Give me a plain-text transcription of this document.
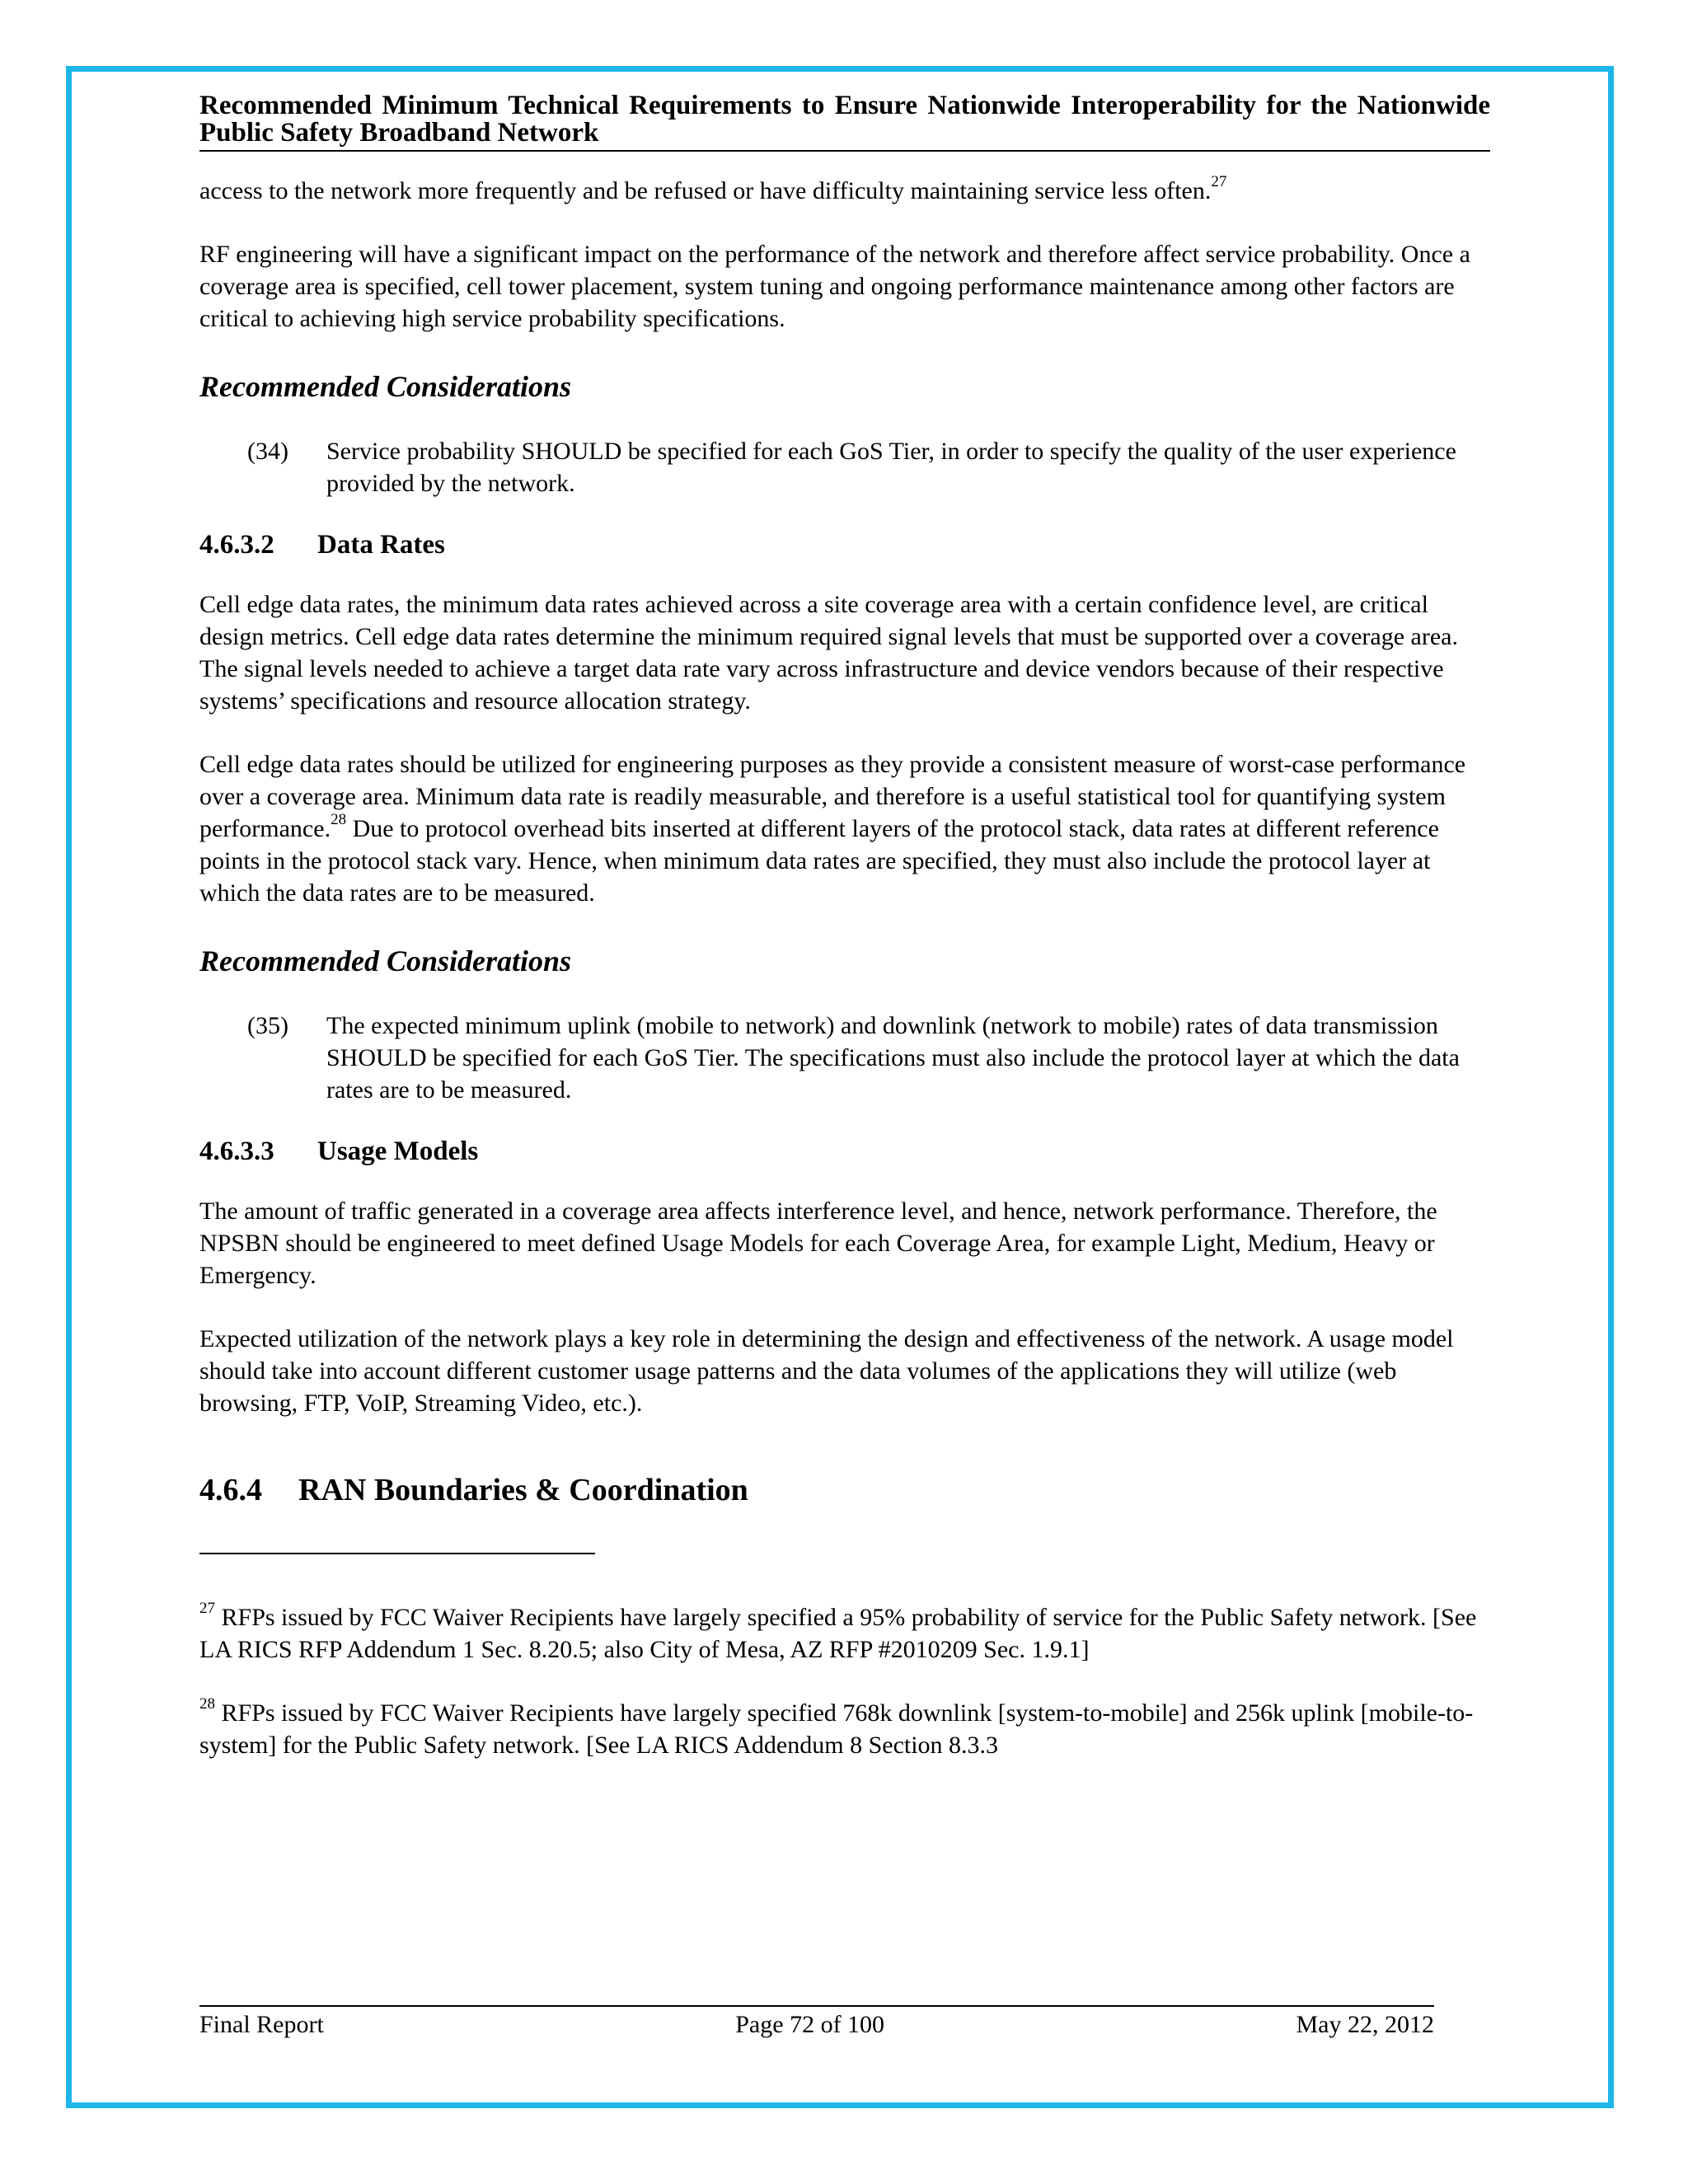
Recommended Minimum Technical Requirements to Ensure Nationwide Interoperability for the Nationwide Public Safety Broadband Network

access to the network more frequently and be refused or have difficulty maintaining service less often.$^{27}$

RF engineering will have a significant impact on the performance of the network and therefore affect service probability. Once a coverage area is specified, cell tower placement, system tuning and ongoing performance maintenance among other factors are critical to achieving high service probability specifications.

Recommended Considerations

(34) Service probability SHOULD be specified for each GoS Tier, in order to specify the quality of the user experience provided by the network.

4.6.3.2 Data Rates

Cell edge data rates, the minimum data rates achieved across a site coverage area with a certain confidence level, are critical design metrics. Cell edge data rates determine the minimum required signal levels that must be supported over a coverage area. The signal levels needed to achieve a target data rate vary across infrastructure and device vendors because of their respective systems’ specifications and resource allocation strategy.

Cell edge data rates should be utilized for engineering purposes as they provide a consistent measure of worst-case performance over a coverage area. Minimum data rate is readily measurable, and therefore is a useful statistical tool for quantifying system performance.$^{28}$ Due to protocol overhead bits inserted at different layers of the protocol stack, data rates at different reference points in the protocol stack vary. Hence, when minimum data rates are specified, they must also include the protocol layer at which the data rates are to be measured.

Recommended Considerations

(35) The expected minimum uplink (mobile to network) and downlink (network to mobile) rates of data transmission SHOULD be specified for each GoS Tier. The specifications must also include the protocol layer at which the data rates are to be measured.

4.6.3.3 Usage Models

The amount of traffic generated in a coverage area affects interference level, and hence, network performance. Therefore, the NPSBN should be engineered to meet defined Usage Models for each Coverage Area, for example Light, Medium, Heavy or Emergency.

Expected utilization of the network plays a key role in determining the design and effectiveness of the network. A usage model should take into account different customer usage patterns and the data volumes of the applications they will utilize (web browsing, FTP, VoIP, Streaming Video, etc.).

4.6.4 RAN Boundaries & Coordination

$^{27}$ RFPs issued by FCC Waiver Recipients have largely specified a 95% probability of service for the Public Safety network. [See LA RICS RFP Addendum 1 Sec. 8.20.5; also City of Mesa, AZ RFP #2010209 Sec. 1.9.1]

$^{28}$ RFPs issued by FCC Waiver Recipients have largely specified 768k downlink [system-to-mobile] and 256k uplink [mobile-to-system] for the Public Safety network. [See LA RICS Addendum 8 Section 8.3.3

Final Report	Page 72 of 100	May 22, 2012
